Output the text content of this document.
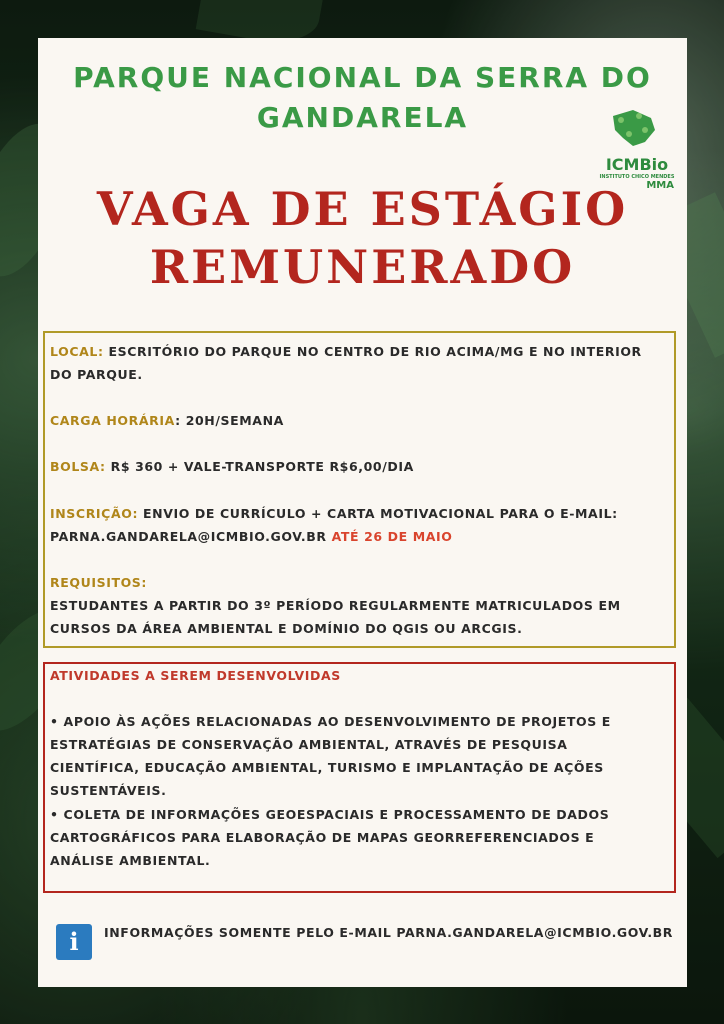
PARQUE NACIONAL DA SERRA DO GANDARELA
ICMBio
INSTITUTO CHICO MENDES
MMA
VAGA DE ESTÁGIO
REMUNERADO
LOCAL: ESCRITÓRIO DO PARQUE NO CENTRO DE RIO ACIMA/MG E NO INTERIOR DO PARQUE.
CARGA HORÁRIA: 20H/SEMANA
BOLSA: R$ 360 + VALE-TRANSPORTE R$6,00/DIA
INSCRIÇÃO: ENVIO DE CURRÍCULO + CARTA MOTIVACIONAL PARA O E-MAIL: PARNA.GANDARELA@ICMBIO.GOV.BR ATÉ 26 DE MAIO
REQUISITOS:
ESTUDANTES A PARTIR DO 3º PERÍODO REGULARMENTE MATRICULADOS EM CURSOS DA ÁREA AMBIENTAL E DOMÍNIO DO QGIS OU ARCGIS.
ATIVIDADES A SEREM DESENVOLVIDAS
• APOIO ÀS AÇÕES RELACIONADAS AO DESENVOLVIMENTO DE PROJETOS E ESTRATÉGIAS DE CONSERVAÇÃO AMBIENTAL, ATRAVÉS DE PESQUISA CIENTÍFICA, EDUCAÇÃO AMBIENTAL, TURISMO E IMPLANTAÇÃO DE AÇÕES SUSTENTÁVEIS.
• COLETA DE INFORMAÇÕES GEOESPACIAIS E PROCESSAMENTO DE DADOS CARTOGRÁFICOS PARA ELABORAÇÃO DE MAPAS GEORREFERENCIADOS E ANÁLISE AMBIENTAL.
i	INFORMAÇÕES SOMENTE PELO E-MAIL PARNA.GANDARELA@ICMBIO.GOV.BR
